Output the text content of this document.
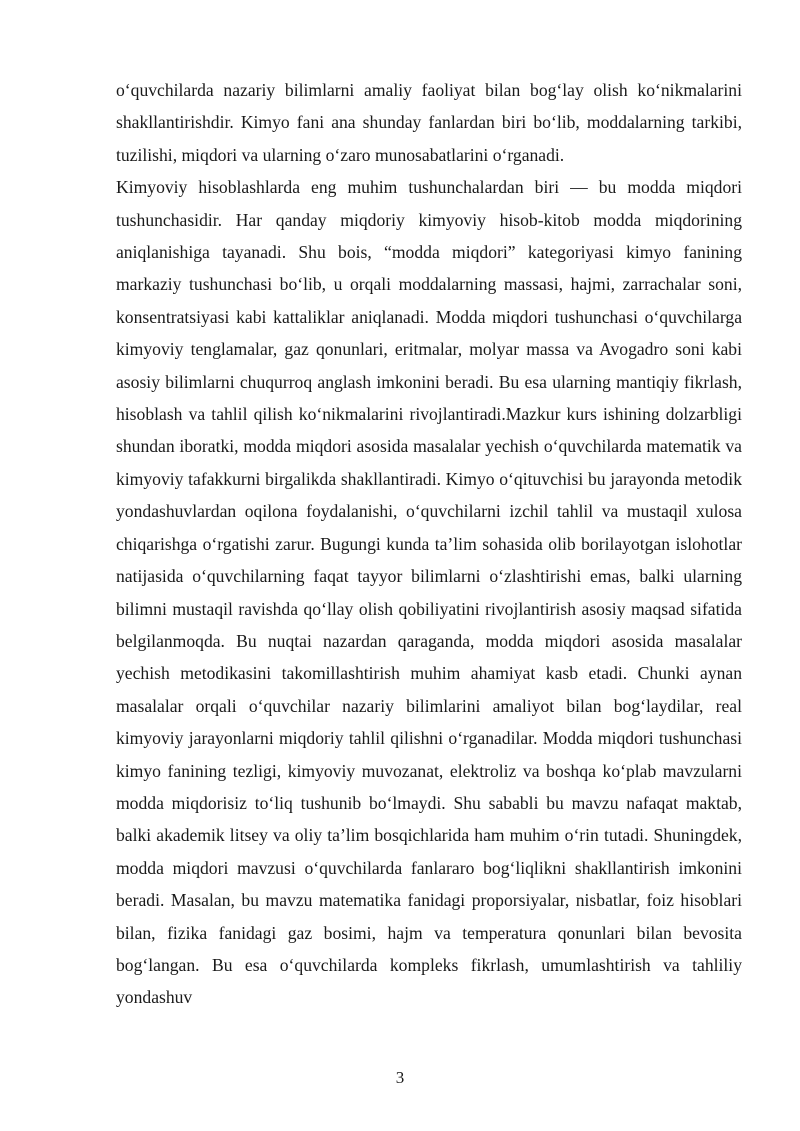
o‘quvchilarda nazariy bilimlarni amaliy faoliyat bilan bog‘lay olish ko‘nikmalarini shakllantirishdir. Kimyo fani ana shunday fanlardan biri bo‘lib, moddalarning tarkibi, tuzilishi, miqdori va ularning o‘zaro munosabatlarini o‘rganadi.

Kimyoviy hisoblashlarda eng muhim tushunchalardan biri — bu modda miqdori tushunchasidir. Har qanday miqdoriy kimyoviy hisob-kitob modda miqdorining aniqlanishiga tayanadi. Shu bois, “modda miqdori” kategoriyasi kimyo fanining markaziy tushunchasi bo‘lib, u orqali moddalarning massasi, hajmi, zarrachalar soni, konsentratsiyasi kabi kattaliklar aniqlanadi. Modda miqdori tushunchasi o‘quvchilarga kimyoviy tenglamalar, gaz qonunlari, eritmalar, molyar massa va Avogadro soni kabi asosiy bilimlarni chuqurroq anglash imkonini beradi. Bu esa ularning mantiqiy fikrlash, hisoblash va tahlil qilish ko‘nikmalarini rivojlantiradi.Mazkur kurs ishining dolzarbligi shundan iboratki, modda miqdori asosida masalalar yechish o‘quvchilarda matematik va kimyoviy tafakkurni birgalikda shakllantiradi. Kimyo o‘qituvchisi bu jarayonda metodik yondashuvlardan oqilona foydalanishi, o‘quvchilarni izchil tahlil va mustaqil xulosa chiqarishga o‘rgatishi zarur. Bugungi kunda ta’lim sohasida olib borilayotgan islohotlar natijasida o‘quvchilarning faqat tayyor bilimlarni o‘zlashtirishi emas, balki ularning bilimni mustaqil ravishda qo‘llay olish qobiliyatini rivojlantirish asosiy maqsad sifatida belgilanmoqda. Bu nuqtai nazardan qaraganda, modda miqdori asosida masalalar yechish metodikasini takomillashtirish muhim ahamiyat kasb etadi. Chunki aynan masalalar orqali o‘quvchilar nazariy bilimlarini amaliyot bilan bog‘laydilar, real kimyoviy jarayonlarni miqdoriy tahlil qilishni o‘rganadilar. Modda miqdori tushunchasi kimyo fanining tezligi, kimyoviy muvozanat, elektroliz va boshqa ko‘plab mavzularni modda miqdorisiz to‘liq tushunib bo‘lmaydi. Shu sababli bu mavzu nafaqat maktab, balki akademik litsey va oliy ta’lim bosqichlarida ham muhim o‘rin tutadi. Shuningdek, modda miqdori mavzusi o‘quvchilarda fanlararo bog‘liqlikni shakllantirish imkonini beradi. Masalan, bu mavzu matematika fanidagi proporsiyalar, nisbatlar, foiz hisoblari bilan, fizika fanidagi gaz bosimi, hajm va temperatura qonunlari bilan bevosita bog‘langan. Bu esa o‘quvchilarda kompleks fikrlash, umumlashtirish va tahliliy yondashuv

3
